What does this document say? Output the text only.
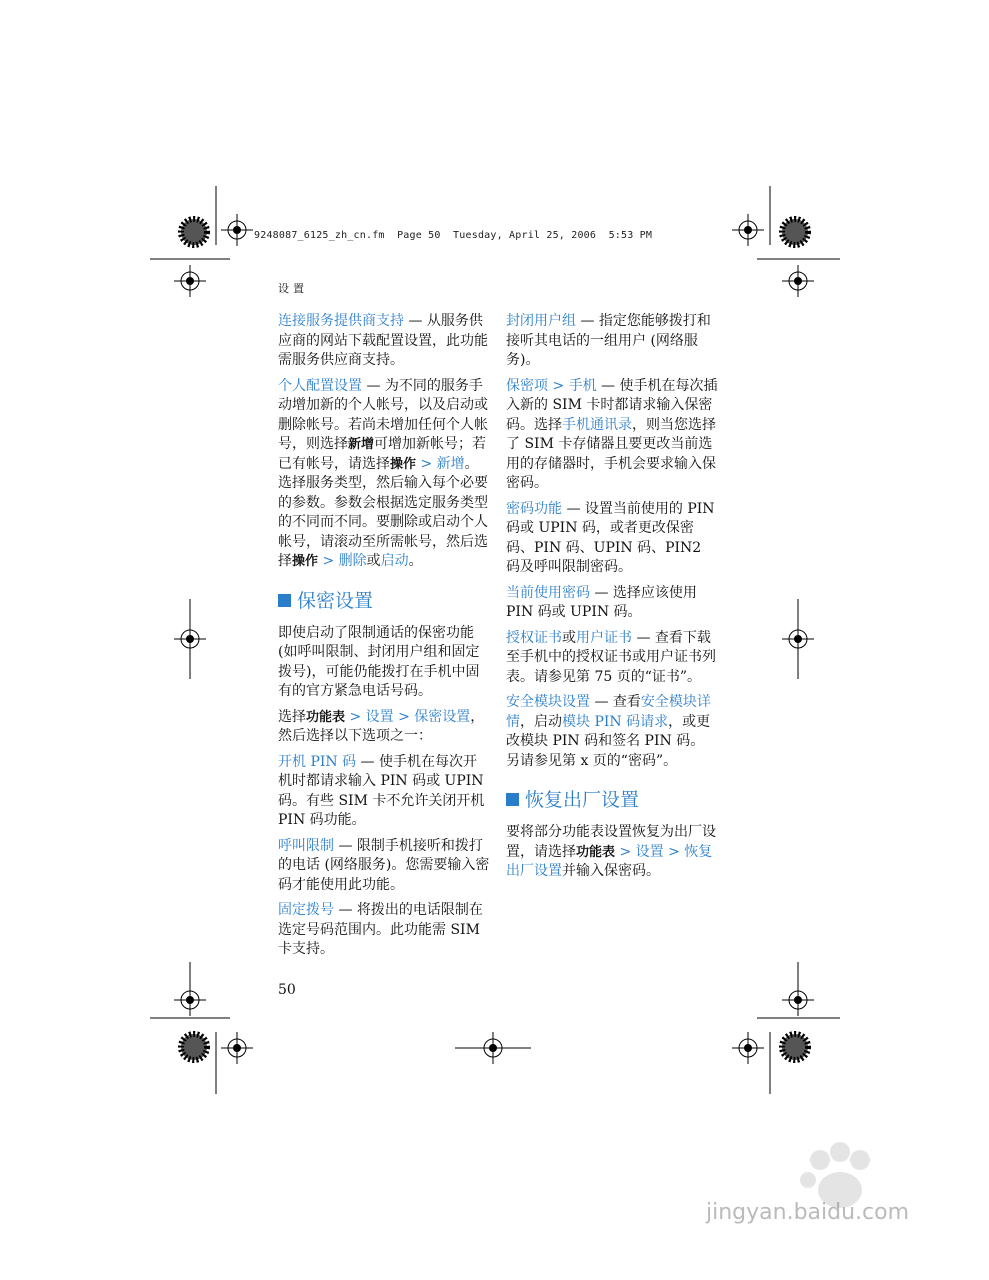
9248087_6125_zh_cn.fm  Page 50  Tuesday, April 25, 2006  5:53 PM
设置

连接服务提供商支持 — 从服务供应商的网站下载配置设置，此功能需服务供应商支持。

个人配置设置 — 为不同的服务手动增加新的个人帐号，以及启动或删除帐号。若尚未增加任何个人帐号，则选择新增可增加新帐号；若已有帐号，请选择操作 > 新增。选择服务类型，然后输入每个必要的参数。参数会根据选定服务类型的不同而不同。要删除或启动个人帐号，请滚动至所需帐号，然后选择操作 > 删除或启动。

保密设置

即使启动了限制通话的保密功能 (如呼叫限制、封闭用户组和固定拨号)，可能仍能拨打在手机中固有的官方紧急电话号码。

选择功能表 > 设置 > 保密设置，然后选择以下选项之一：

开机 PIN 码 — 使手机在每次开机时都请求输入 PIN 码或 UPIN 码。有些 SIM 卡不允许关闭开机 PIN 码功能。

呼叫限制 — 限制手机接听和拨打的电话 (网络服务)。您需要输入密码才能使用此功能。

固定拨号 — 将拨出的电话限制在选定号码范围内。此功能需 SIM 卡支持。

封闭用户组 — 指定您能够拨打和接听其电话的一组用户 (网络服务)。

保密项 > 手机 — 使手机在每次插入新的 SIM 卡时都请求输入保密码。选择手机通讯录，则当您选择了 SIM 卡存储器且要更改当前选用的存储器时，手机会要求输入保密码。

密码功能 — 设置当前使用的 PIN 码或 UPIN 码，或者更改保密码、PIN 码、UPIN 码、PIN2 码及呼叫限制密码。

当前使用密码 — 选择应该使用 PIN 码或 UPIN 码。

授权证书或用户证书 — 查看下载至手机中的授权证书或用户证书列表。请参见第 75 页的“证书”。

安全模块设置 — 查看安全模块详情，启动模块 PIN 码请求，或更改模块 PIN 码和签名 PIN 码。另请参见第 x 页的“密码”。

恢复出厂设置

要将部分功能表设置恢复为出厂设置，请选择功能表 > 设置 > 恢复出厂设置并输入保密码。

50
jingyan.baidu.com
